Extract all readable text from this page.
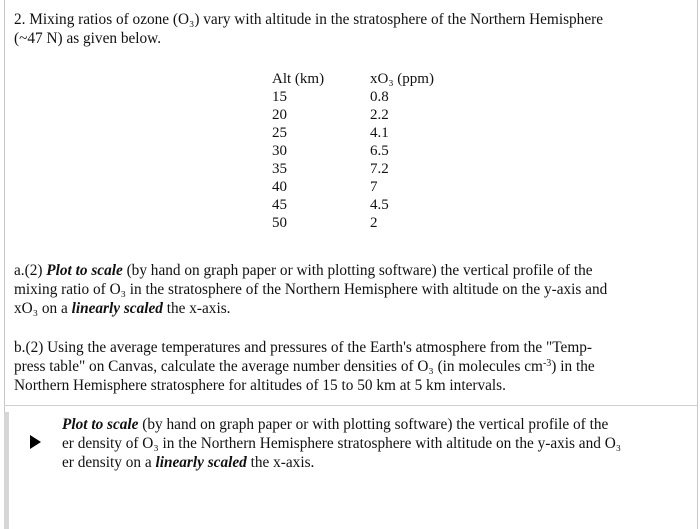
2. Mixing ratios of ozone (O₃) vary with altitude in the stratosphere of the Northern Hemisphere
(~47 N) as given below.
Alt (km)	xO₃ (ppm)
15	0.8
20	2.2
25	4.1
30	6.5
35	7.2
40	7
45	4.5
50	2
a.(2) Plot to scale (by hand on graph paper or with plotting software) the vertical profile of the
mixing ratio of O₃ in the stratosphere of the Northern Hemisphere with altitude on the y-axis and
xO₃ on a linearly scaled the x-axis.
b.(2) Using the average temperatures and pressures of the Earth's atmosphere from the "Temp-
press table" on Canvas, calculate the average number densities of O₃ (in molecules $cm^{-3}$) in the
Northern Hemisphere stratosphere for altitudes of 15 to 50 km at 5 km intervals.
Plot to scale (by hand on graph paper or with plotting software) the vertical profile of the
er density of O₃ in the Northern Hemisphere stratosphere with altitude on the y-axis and O₃
er density on a linearly scaled the x-axis.
